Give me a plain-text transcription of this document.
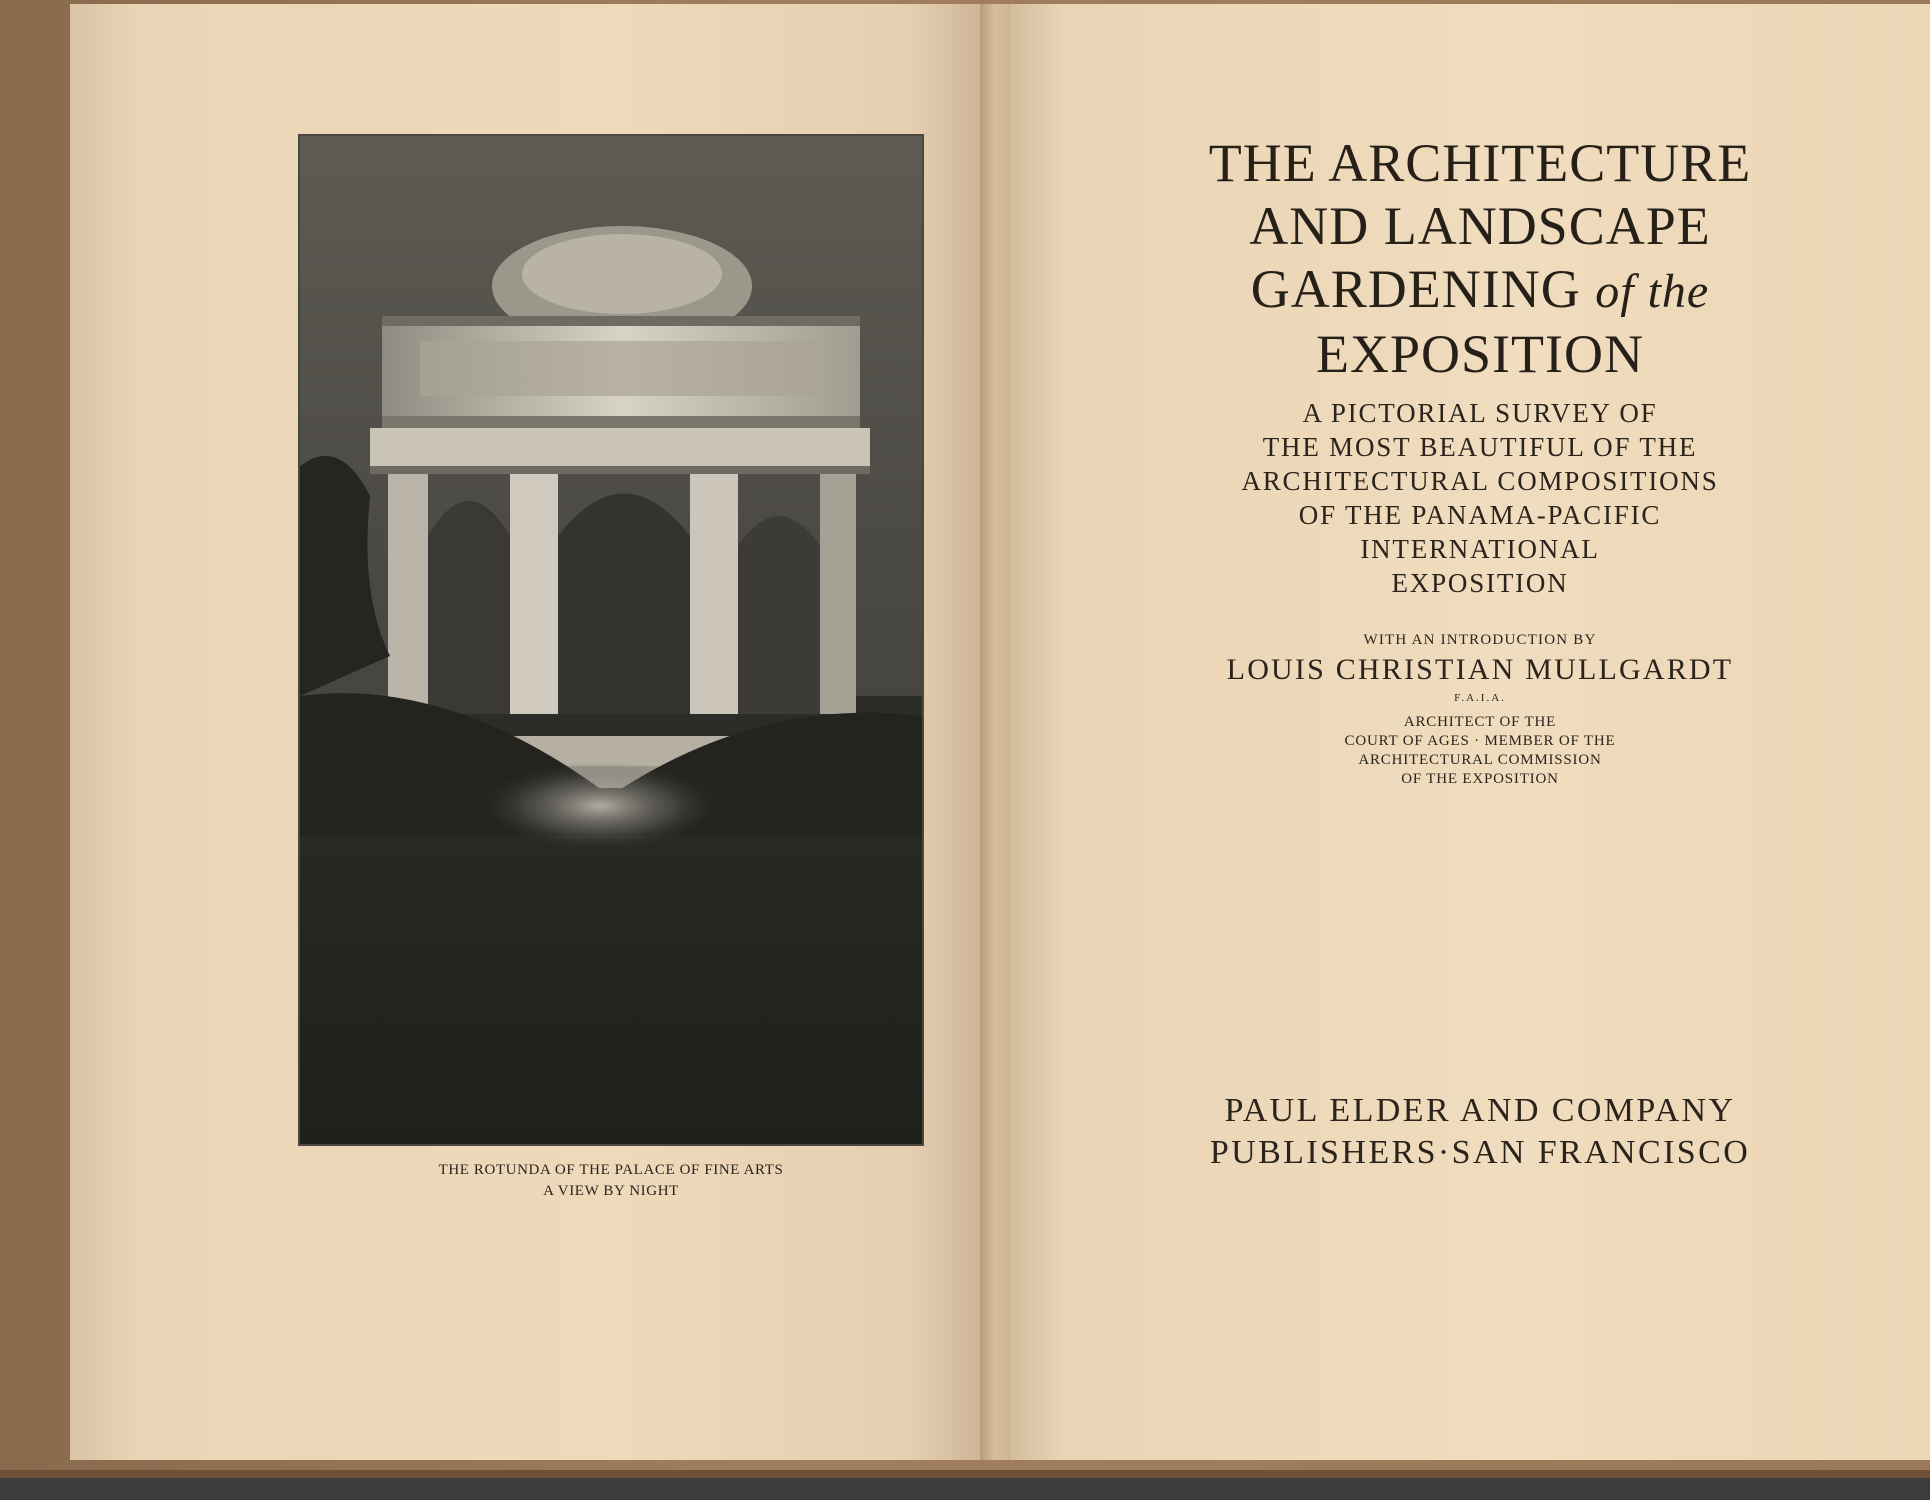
THE ROTUNDA OF THE PALACE OF FINE ARTS
A VIEW BY NIGHT
THE ARCHITECTURE
AND LANDSCAPE
GARDENING of the
EXPOSITION
A PICTORIAL SURVEY OF
THE MOST BEAUTIFUL OF THE
ARCHITECTURAL COMPOSITIONS
OF THE PANAMA-PACIFIC
INTERNATIONAL
EXPOSITION
WITH AN INTRODUCTION BY
LOUIS CHRISTIAN MULLGARDT
F.A.I.A.
ARCHITECT OF THE
COURT OF AGES · MEMBER OF THE
ARCHITECTURAL COMMISSION
OF THE EXPOSITION
PAUL ELDER AND COMPANY
PUBLISHERS·SAN FRANCISCO
